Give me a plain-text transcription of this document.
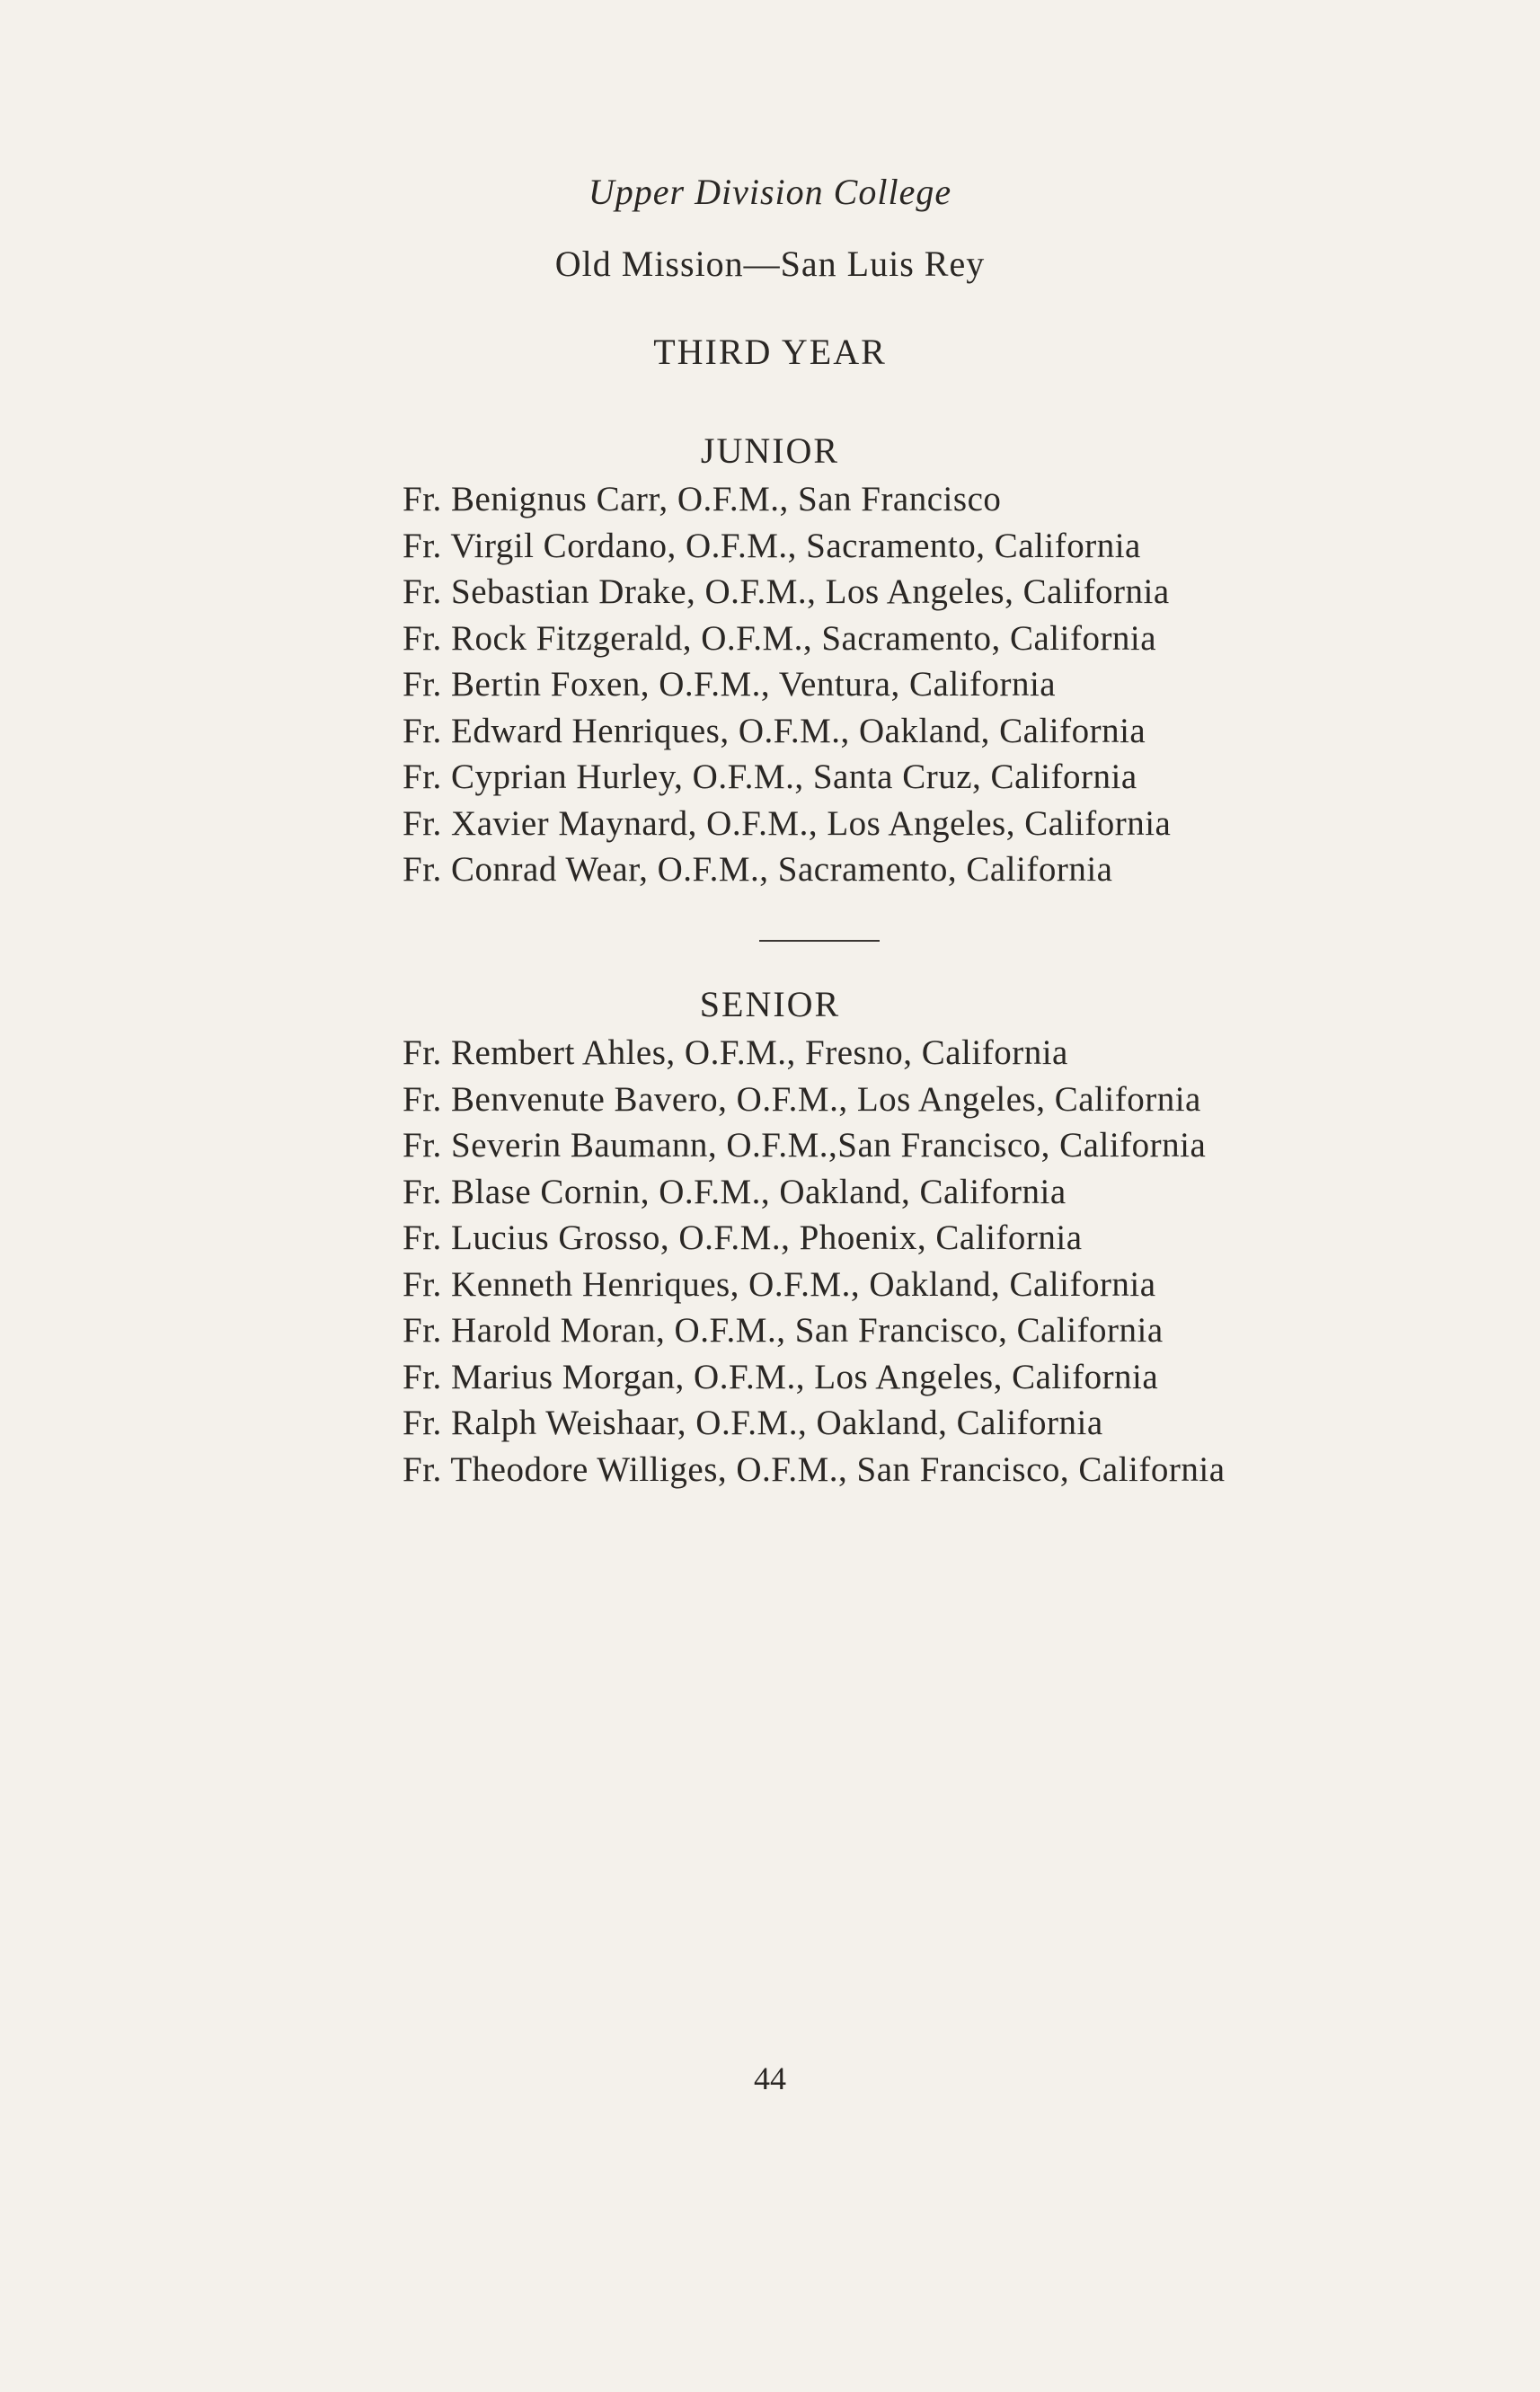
Upper Division College
Old Mission—San Luis Rey
THIRD YEAR
JUNIOR
Fr. Benignus Carr, O.F.M., San Francisco
Fr. Virgil Cordano, O.F.M., Sacramento, California
Fr. Sebastian Drake, O.F.M., Los Angeles, California
Fr. Rock Fitzgerald, O.F.M., Sacramento, California
Fr. Bertin Foxen, O.F.M., Ventura, California
Fr. Edward Henriques, O.F.M., Oakland, California
Fr. Cyprian Hurley, O.F.M., Santa Cruz, California
Fr. Xavier Maynard, O.F.M., Los Angeles, California
Fr. Conrad Wear, O.F.M., Sacramento, California
SENIOR
Fr. Rembert Ahles, O.F.M., Fresno, California
Fr. Benvenute Bavero, O.F.M., Los Angeles, California
Fr. Severin Baumann, O.F.M.,San Francisco, California
Fr. Blase Cornin, O.F.M., Oakland, California
Fr. Lucius Grosso, O.F.M., Phoenix, California
Fr. Kenneth Henriques, O.F.M., Oakland, California
Fr. Harold Moran, O.F.M., San Francisco, California
Fr. Marius Morgan, O.F.M., Los Angeles, California
Fr. Ralph Weishaar, O.F.M., Oakland, California
Fr. Theodore Williges, O.F.M., San Francisco, California
44
